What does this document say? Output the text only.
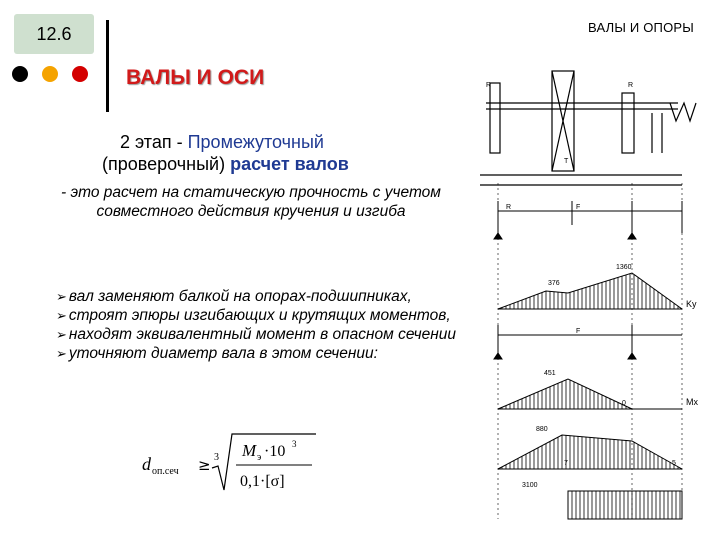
12.6	ВАЛЫ И ОПОРЫ
ВАЛЫ И ОСИ
2 этап - Промежуточный
(проверочный) расчет валов
- это расчет на статическую прочность с учетом совместного действия кручения и изгиба

➢ вал заменяют балкой на опорах-подшипниках,

➢ строят эпюры изгибающих и крутящих моментов,

➢ находят эквивалентный момент в опасном сечении

➢ уточняют диаметр вала в этом сечении:

d оп.сеч ≥ 3 M э ·10 3
0,1·[σ]
R	R
T
R	F
376
1360
Ky
F
451
0	Mx
880
7	5
3100
